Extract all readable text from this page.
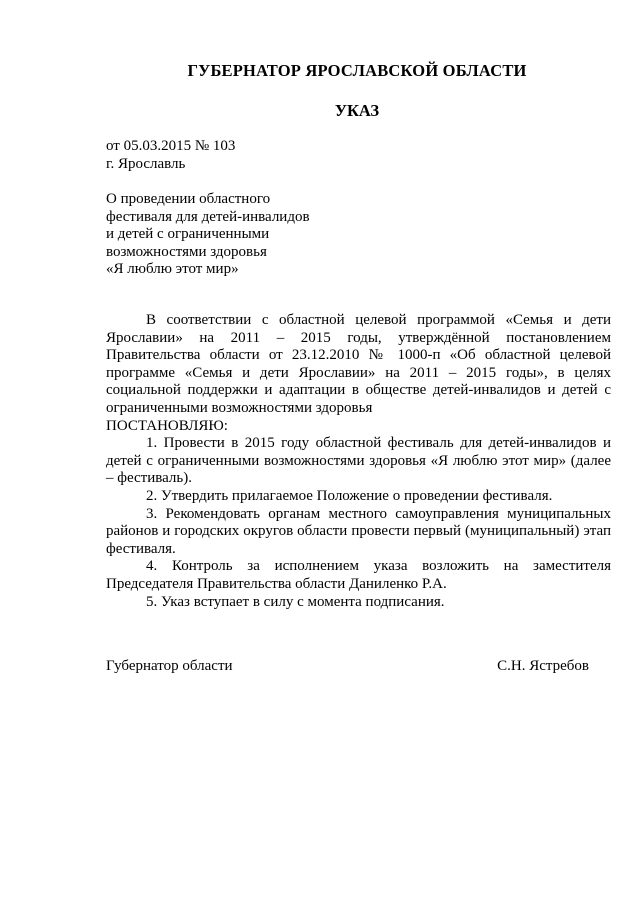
ГУБЕРНАТОР ЯРОСЛАВСКОЙ ОБЛАСТИ
УКАЗ
от 05.03.2015 № 103
г. Ярославль
О проведении областного
фестиваля для детей-инвалидов
и детей с ограниченными
возможностями здоровья
«Я люблю этот мир»

В соответствии с областной целевой программой «Семья и дети Ярославии» на 2011 – 2015 годы, утверждённой постановлением Правительства области от 23.12.2010 № 1000-п «Об областной целевой программе «Семья и дети Ярославии» на 2011 – 2015 годы», в целях социальной поддержки и адаптации в обществе детей-инвалидов и детей с ограниченными возможностями здоровья

ПОСТАНОВЛЯЮ:

1. Провести в 2015 году областной фестиваль для детей-инвалидов и детей с ограниченными возможностями здоровья «Я люблю этот мир» (далее – фестиваль).

2. Утвердить прилагаемое Положение о проведении фестиваля.

3. Рекомендовать органам местного самоуправления муниципальных районов и городских округов области провести первый (муниципальный) этап фестиваля.

4. Контроль за исполнением указа возложить на заместителя Председателя Правительства области Даниленко Р.А.

5. Указ вступает в силу с момента подписания.

Губернатор области	С.Н. Ястребов
